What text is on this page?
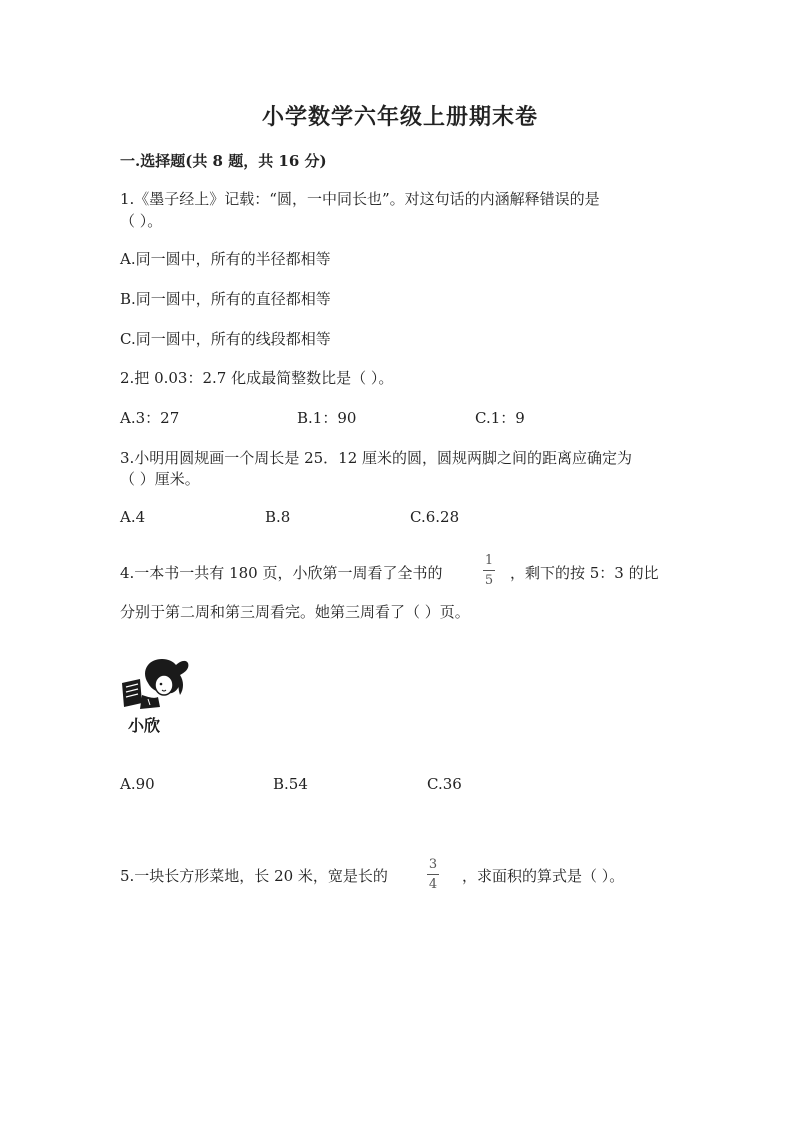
小学数学六年级上册期末卷
一.选择题(共 8 题，共 16 分)
1.《墨子经上》记载：“圆，一中同长也”。对这句话的内涵解释错误的是
（ ）。
A.同一圆中，所有的半径都相等
B.同一圆中，所有的直径都相等
C.同一圆中，所有的线段都相等
2.把 0.03：2.7 化成最简整数比是（ ）。
A.3：27	B.1：90	C.1：9
3.小明用圆规画一个周长是 25．12 厘米的圆，圆规两脚之间的距离应确定为
（ ）厘米。
A.4	B.8	C.6.28
4.一本书一共有 180 页，小欣第一周看了全书的
1
5 ，剩下的按 5：3 的比
分别于第二周和第三周看完。她第三周看了（ ）页。
小欣
A.90	B.54	C.36
5.一块长方形菜地，长 20 米，宽是长的
3
4 ，求面积的算式是（ ）。
